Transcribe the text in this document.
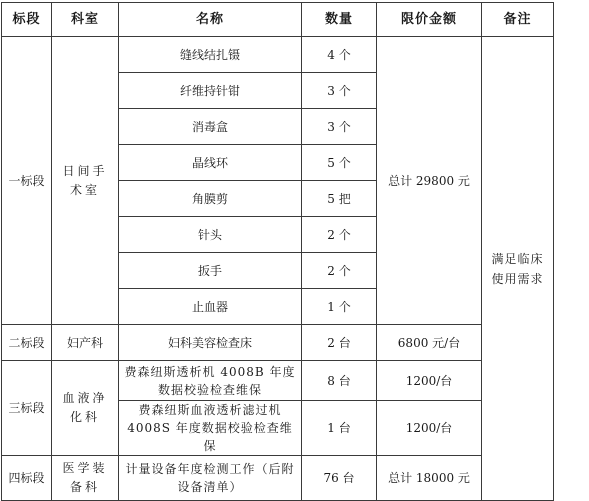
标段	科室	名称	数量	限价金额	备注
一标段	日间手术室	缝线结扎镊	4 个	总计 29800 元	满足临床使用需求
		纤维持针钳	3 个		
		消毒盒	3 个		
		晶线环	5 个		
		角膜剪	5 把		
		针头	2 个		
		扳手	2 个		
		止血器	1 个		
二标段	妇产科	妇科美容检查床	2 台	6800 元/台	
三标段	血液净化科	费森纽斯透析机 4008B 年度数据校验检查维保	8 台	1200/台	
		费森纽斯血液透析滤过机 4008S 年度数据校验检查维保	1 台	1200/台	
四标段	医学装备科	计量设备年度检测工作（后附设备清单）	76 台	总计 18000 元	
